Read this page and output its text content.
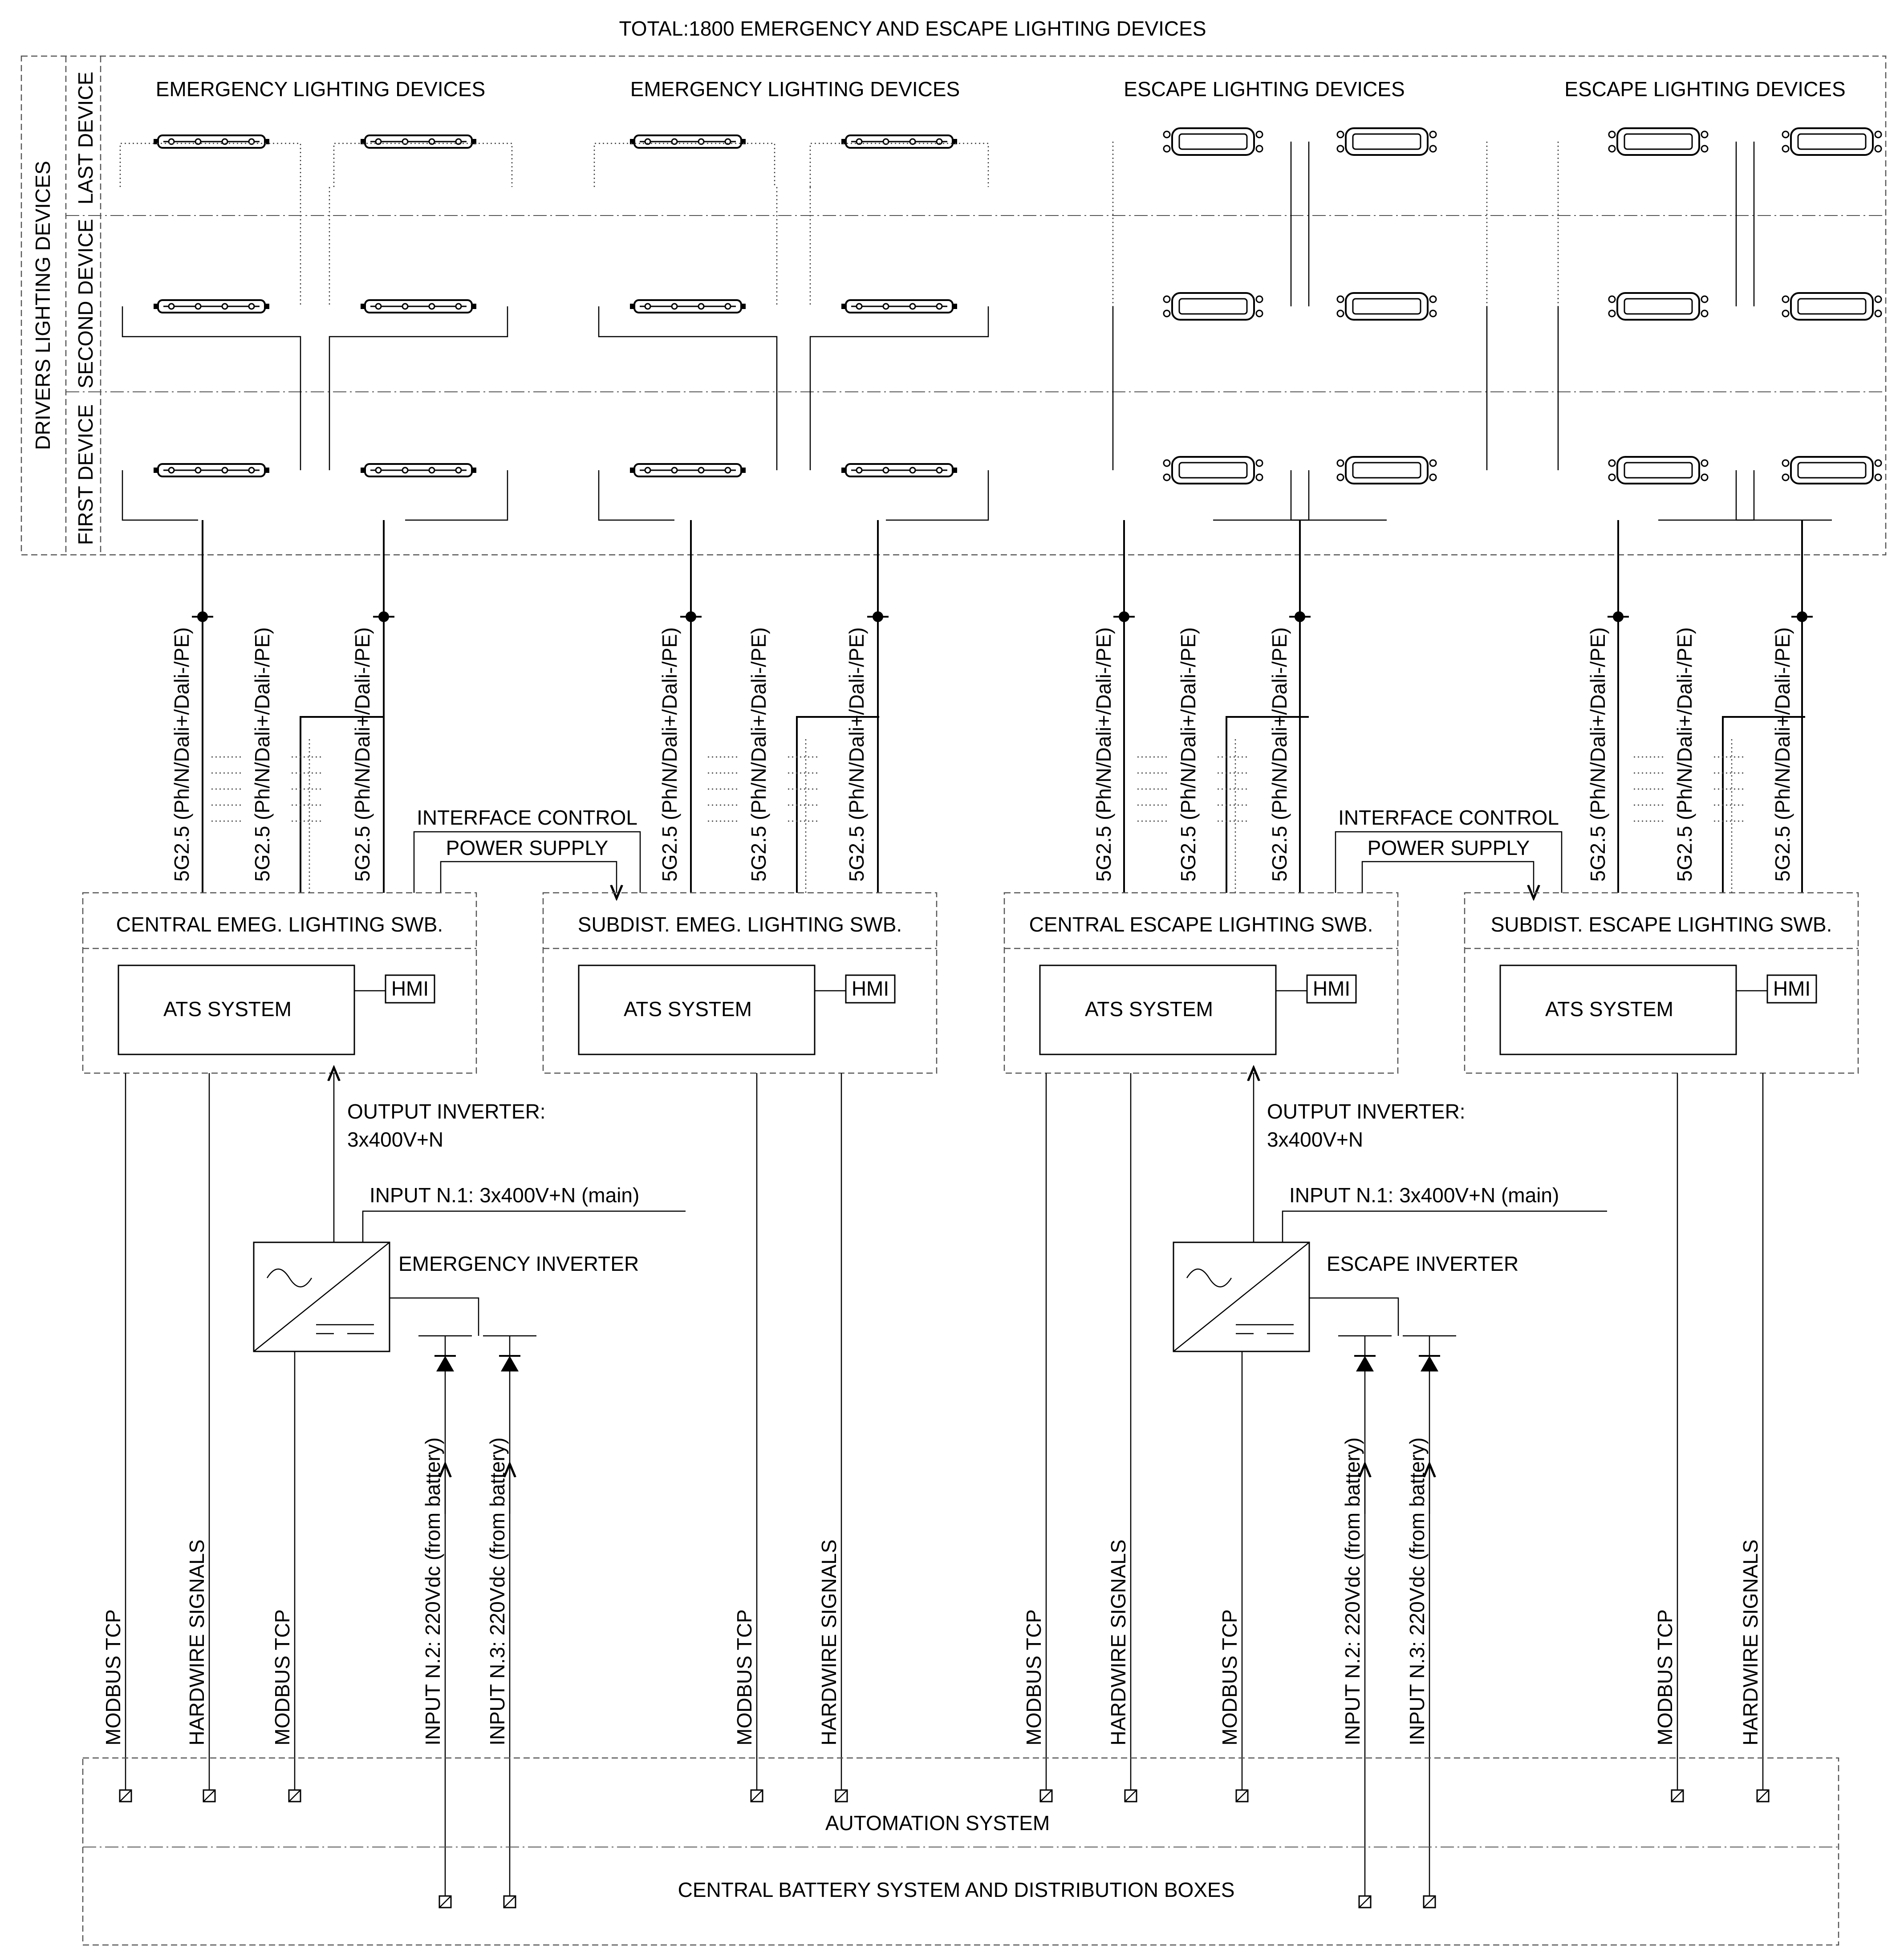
TOTAL:1800 EMERGENCY AND ESCAPE LIGHTING DEVICES
DRIVERS LIGHTING DEVICES
LAST DEVICE
SECOND DEVICE
FIRST DEVICE
EMERGENCY LIGHTING DEVICES	EMERGENCY LIGHTING DEVICES	ESCAPE LIGHTING DEVICES	ESCAPE LIGHTING DEVICES
5G2.5 (Ph/N/Dali+/Dali-/PE)	5G2.5 (Ph/N/Dali+/Dali-/PE)	5G2.5 (Ph/N/Dali+/Dali-/PE)	5G2.5 (Ph/N/Dali+/Dali-/PE)	5G2.5 (Ph/N/Dali+/Dali-/PE)	5G2.5 (Ph/N/Dali+/Dali-/PE)	5G2.5 (Ph/N/Dali+/Dali-/PE)	5G2.5 (Ph/N/Dali+/Dali-/PE)
5G2.5 (Ph/N/Dali+/Dali-/PE)	5G2.5 (Ph/N/Dali+/Dali-/PE)	5G2.5 (Ph/N/Dali+/Dali-/PE)	5G2.5 (Ph/N/Dali+/Dali-/PE)
INTERFACE CONTROL
POWER SUPPLY
INTERFACE CONTROL
POWER SUPPLY
CENTRAL EMEG. LIGHTING SWB.
ATS SYSTEM
HMI
SUBDIST. EMEG. LIGHTING SWB.
ATS SYSTEM
HMI
CENTRAL ESCAPE LIGHTING SWB.
ATS SYSTEM
HMI
SUBDIST. ESCAPE LIGHTING SWB.
ATS SYSTEM
HMI
EMERGENCY INVERTER
OUTPUT INVERTER:
3x400V+N
INPUT N.1: 3x400V+N (main)
ESCAPE INVERTER
OUTPUT INVERTER:
3x400V+N
INPUT N.1: 3x400V+N (main)
MODBUS TCP	HARDWIRE SIGNALS	MODBUS TCP	INPUT N.2: 220Vdc (from battery) INPUT N.3: 220Vdc (from battery)	MODBUS TCP	HARDWIRE SIGNALS	MODBUS TCP	HARDWIRE SIGNALS	MODBUS TCP	INPUT N.2: 220Vdc (from battery) INPUT N.3: 220Vdc (from battery)	MODBUS TCP	HARDWIRE SIGNALS
AUTOMATION SYSTEM
CENTRAL BATTERY SYSTEM AND DISTRIBUTION BOXES
